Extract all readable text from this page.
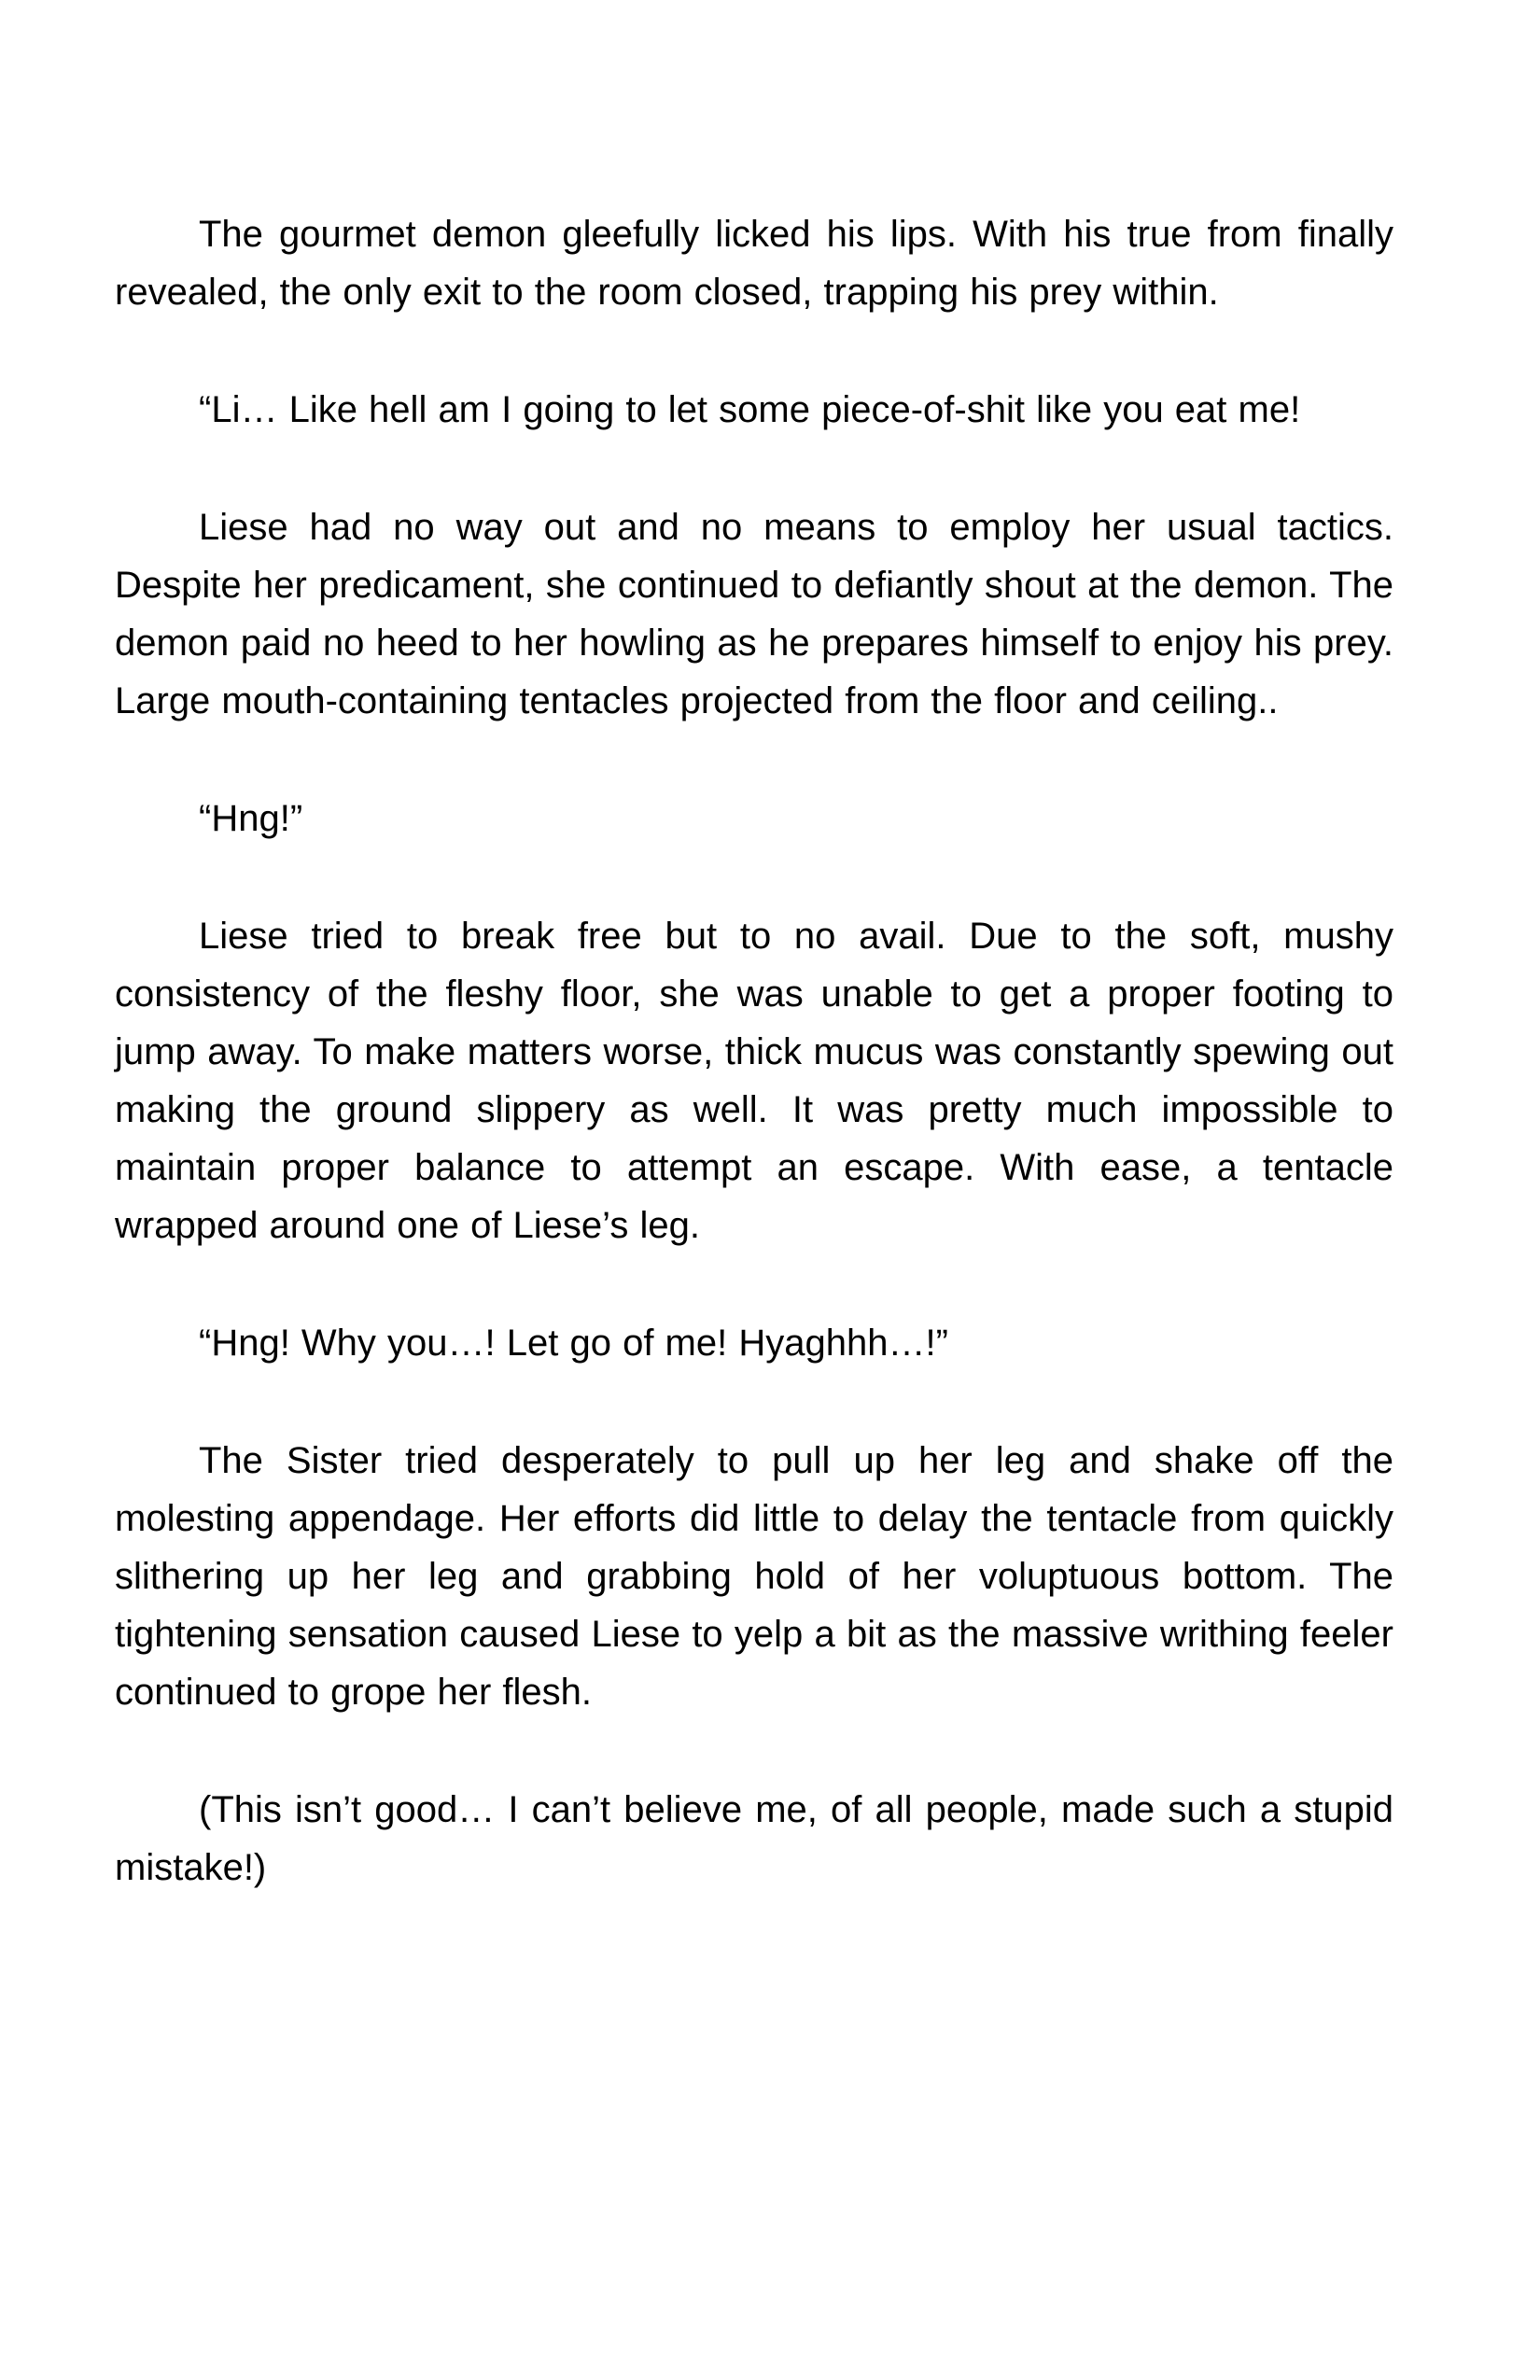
The gourmet demon gleefully licked his lips. With his true from finally revealed, the only exit to the room closed, trapping his prey within.

“Li… Like hell am I going to let some piece-of-shit like you eat me!

Liese had no way out and no means to employ her usual tactics. Despite her predicament, she continued to defiantly shout at the demon. The demon paid no heed to her howling as he prepares himself to enjoy his prey. Large mouth-containing tentacles projected from the floor and ceiling..

“Hng!”

Liese tried to break free but to no avail. Due to the soft, mushy consistency of the fleshy floor, she was unable to get a proper footing to jump away. To make matters worse, thick mucus was constantly spewing out making the ground slippery as well. It was pretty much impossible to maintain proper balance to attempt an escape. With ease, a tentacle wrapped around one of Liese’s leg.

“Hng! Why you…! Let go of me! Hyaghhh…!”

The Sister tried desperately to pull up her leg and shake off the molesting appendage. Her efforts did little to delay the tentacle from quickly slithering up her leg and grabbing hold of her voluptuous bottom. The tightening sensation caused Liese to yelp a bit as the massive writhing feeler continued to grope her flesh.

(This isn’t good… I can’t believe me, of all people, made such a stupid mistake!)
